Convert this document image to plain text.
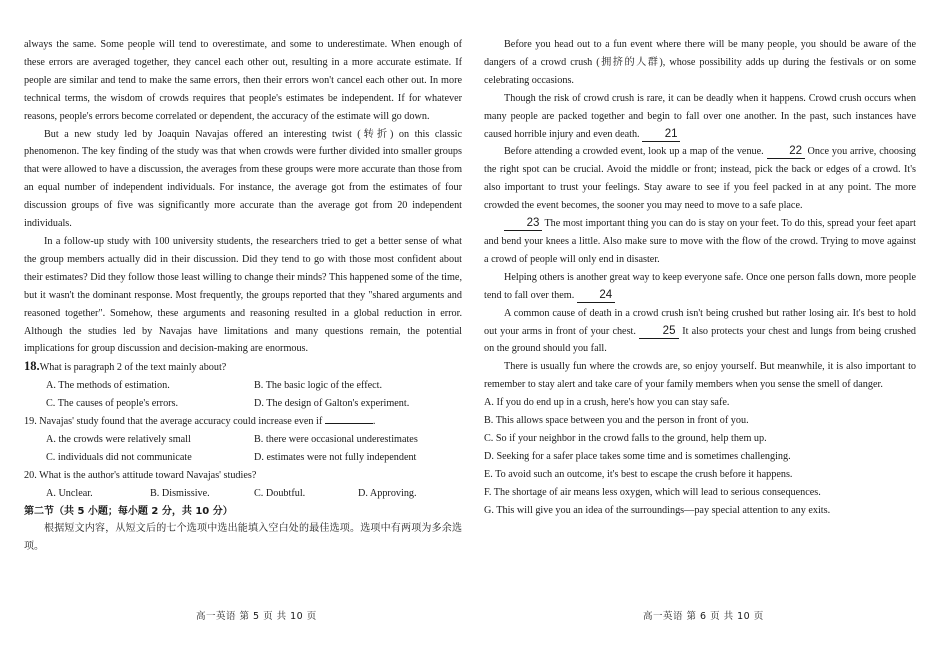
always the same. Some people will tend to overestimate, and some to underestimate. When enough of these errors are averaged together, they cancel each other out, resulting in a more accurate estimate. If people are similar and tend to make the same errors, then their errors won't cancel each other out. In more technical terms, the wisdom of crowds requires that people's estimates be independent. If for whatever reasons, people's errors become correlated or dependent, the accuracy of the estimate will go down.

But a new study led by Joaquin Navajas offered an interesting twist (转折) on this classic phenomenon. The key finding of the study was that when crowds were further divided into smaller groups that were allowed to have a discussion, the averages from these groups were more accurate than those from an equal number of independent individuals. For instance, the average got from the estimates of four discussion groups of five was significantly more accurate than the average got from 20 independent individuals.

In a follow-up study with 100 university students, the researchers tried to get a better sense of what the group members actually did in their discussion. Did they tend to go with those most confident about their estimates? Did they follow those least willing to change their minds? This happened some of the time, but it wasn't the dominant response. Most frequently, the groups reported that they "shared arguments and reasoned together". Somehow, these arguments and reasoning resulted in a global reduction in error. Although the studies led by Navajas have limitations and many questions remain, the potential implications for group discussion and decision-making are enormous.

18.What is paragraph 2 of the text mainly about?

A. The methods of estimation.	B. The basic logic of the effect.
C. The causes of people's errors.	D. The design of Galton's experiment.

19. Navajas' study found that the average accuracy could increase even if	.

A. the crowds were relatively small	B. there were occasional underestimates
C. individuals did not communicate	D. estimates were not fully independent

20. What is the author's attitude toward Navajas' studies?

A. Unclear.	B. Dismissive.	C. Doubtful.	D. Approving.

第二节（共 5 小题；每小题 2 分，共 10 分）

根据短文内容，从短文后的七个选项中选出能填入空白处的最佳选项。选项中有两项为多余选项。

Before you head out to a fun event where there will be many people, you should be aware of the dangers of a crowd crush (拥挤的人群), whose possibility adds up during the festivals or on some celebrating occasions.

Though the risk of crowd crush is rare, it can be deadly when it happens. Crowd crush occurs when many people are packed together and begin to fall over one another. In the past, such instances have caused horrible injury and even death. 21

Before attending a crowded event, look up a map of the venue. 22 Once you arrive, choosing the right spot can be crucial. Avoid the middle or front; instead, pick the back or edges of a crowd. It's also important to trust your feelings. Stay aware to see if you feel packed in at any point. The more crowded the event becomes, the sooner you may need to move to a safe place.

23 The most important thing you can do is stay on your feet. To do this, spread your feet apart and bend your knees a little. Also make sure to move with the flow of the crowd. Trying to move against a crowd of people will only end in disaster.

Helping others is another great way to keep everyone safe. Once one person falls down, more people tend to fall over them. 24

A common cause of death in a crowd crush isn't being crushed but rather losing air. It's best to hold out your arms in front of your chest. 25 It also protects your chest and lungs from being crushed on the ground should you fall.

There is usually fun where the crowds are, so enjoy yourself. But meanwhile, it is also important to remember to stay alert and take care of your family members when you sense the smell of danger.

A. If you do end up in a crush, here's how you can stay safe.

B. This allows space between you and the person in front of you.

C. So if your neighbor in the crowd falls to the ground, help them up.

D. Seeking for a safer place takes some time and is sometimes challenging.

E. To avoid such an outcome, it's best to escape the crush before it happens.

F. The shortage of air means less oxygen, which will lead to serious consequences.

G. This will give you an idea of the surroundings—pay special attention to any exits.

高一英语 第 5 页 共 10 页	高一英语 第 6 页 共 10 页
